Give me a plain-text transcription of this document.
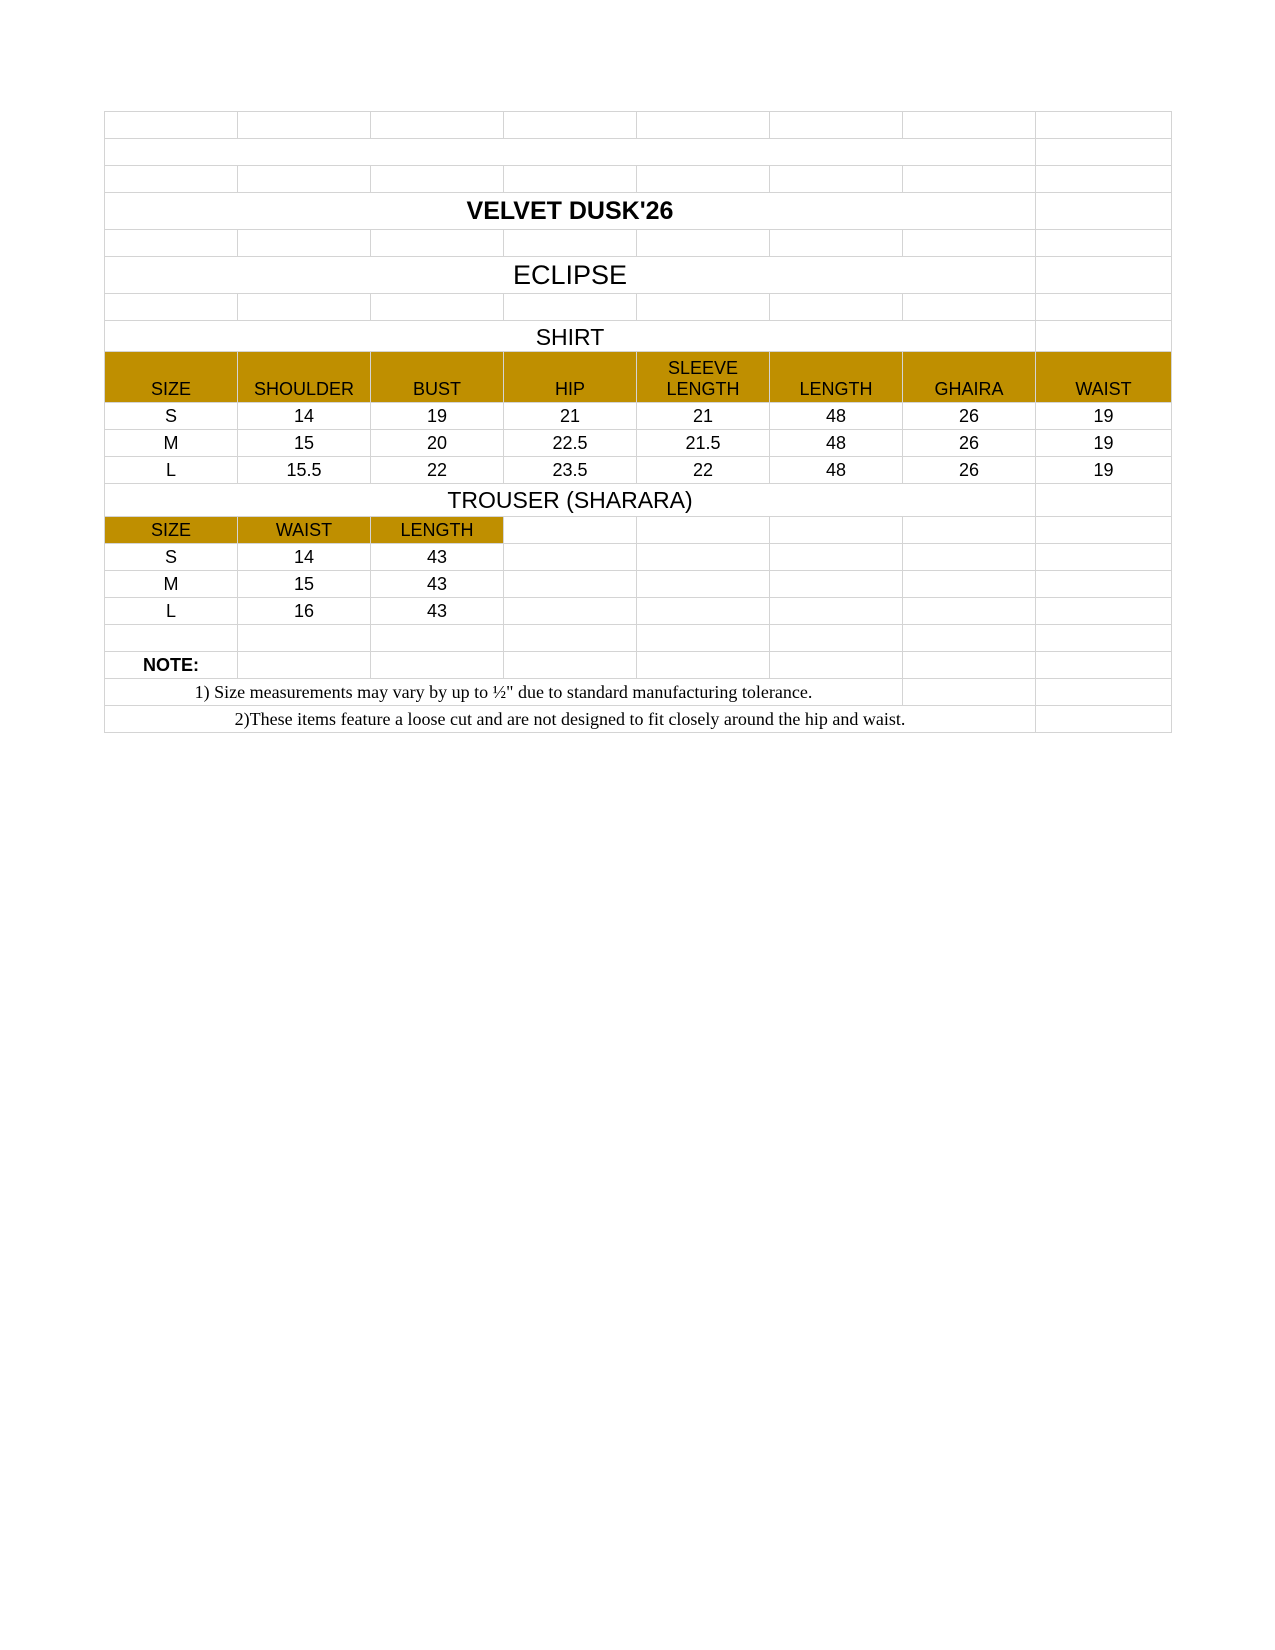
VELVET DUSK'26							

ECLIPSE							

SHIRT							
SIZE	SHOULDER	BUST	HIP	SLEEVE LENGTH	LENGTH	GHAIRA	WAIST
S	14	19	21	21	48	26	19
M	15	20	22.5	21.5	48	26	19
L	15.5	22	23.5	22	48	26	19
TROUSER (SHARARA)							
SIZE	WAIST	LENGTH					
S	14	43					
M	15	43					
L	16	43					

NOTE:							
1) Size measurements may vary by up to ½" due to standard manufacturing tolerance.							
2)These items feature a loose cut and are not designed to fit closely around the hip and waist.							
